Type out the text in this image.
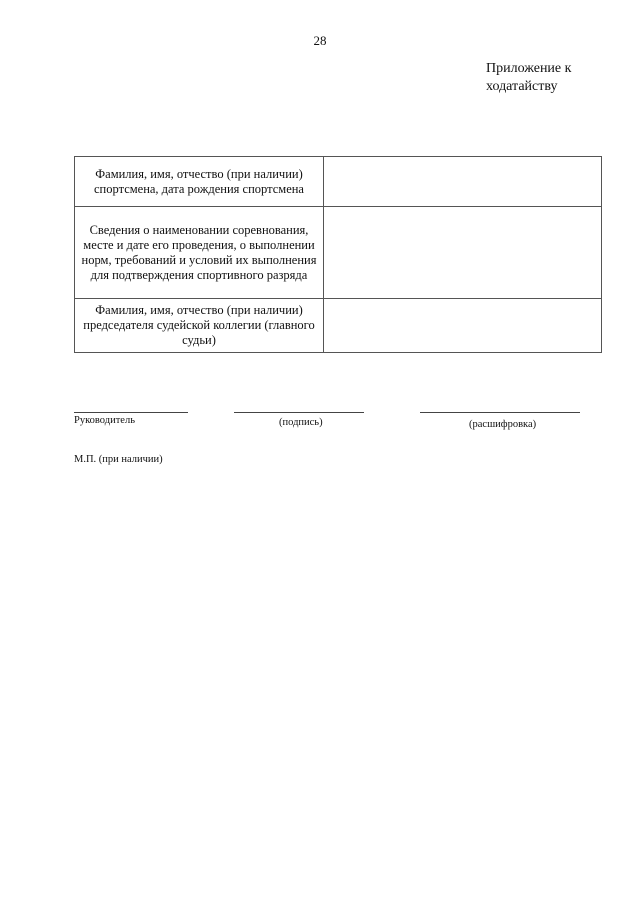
28
Приложение к
ходатайству
Фамилия, имя, отчество (при наличии) спортсмена, дата рождения спортсмена	
Сведения о наименовании соревнования, месте и дате его проведения, о выполнении норм, требований и условий их выполнения для подтверждения спортивного разряда	
Фамилия, имя, отчество (при наличии) председателя судейской коллегии (главного судьи)	
Руководитель	(подпись)	(расшифровка)
М.П. (при наличии)
